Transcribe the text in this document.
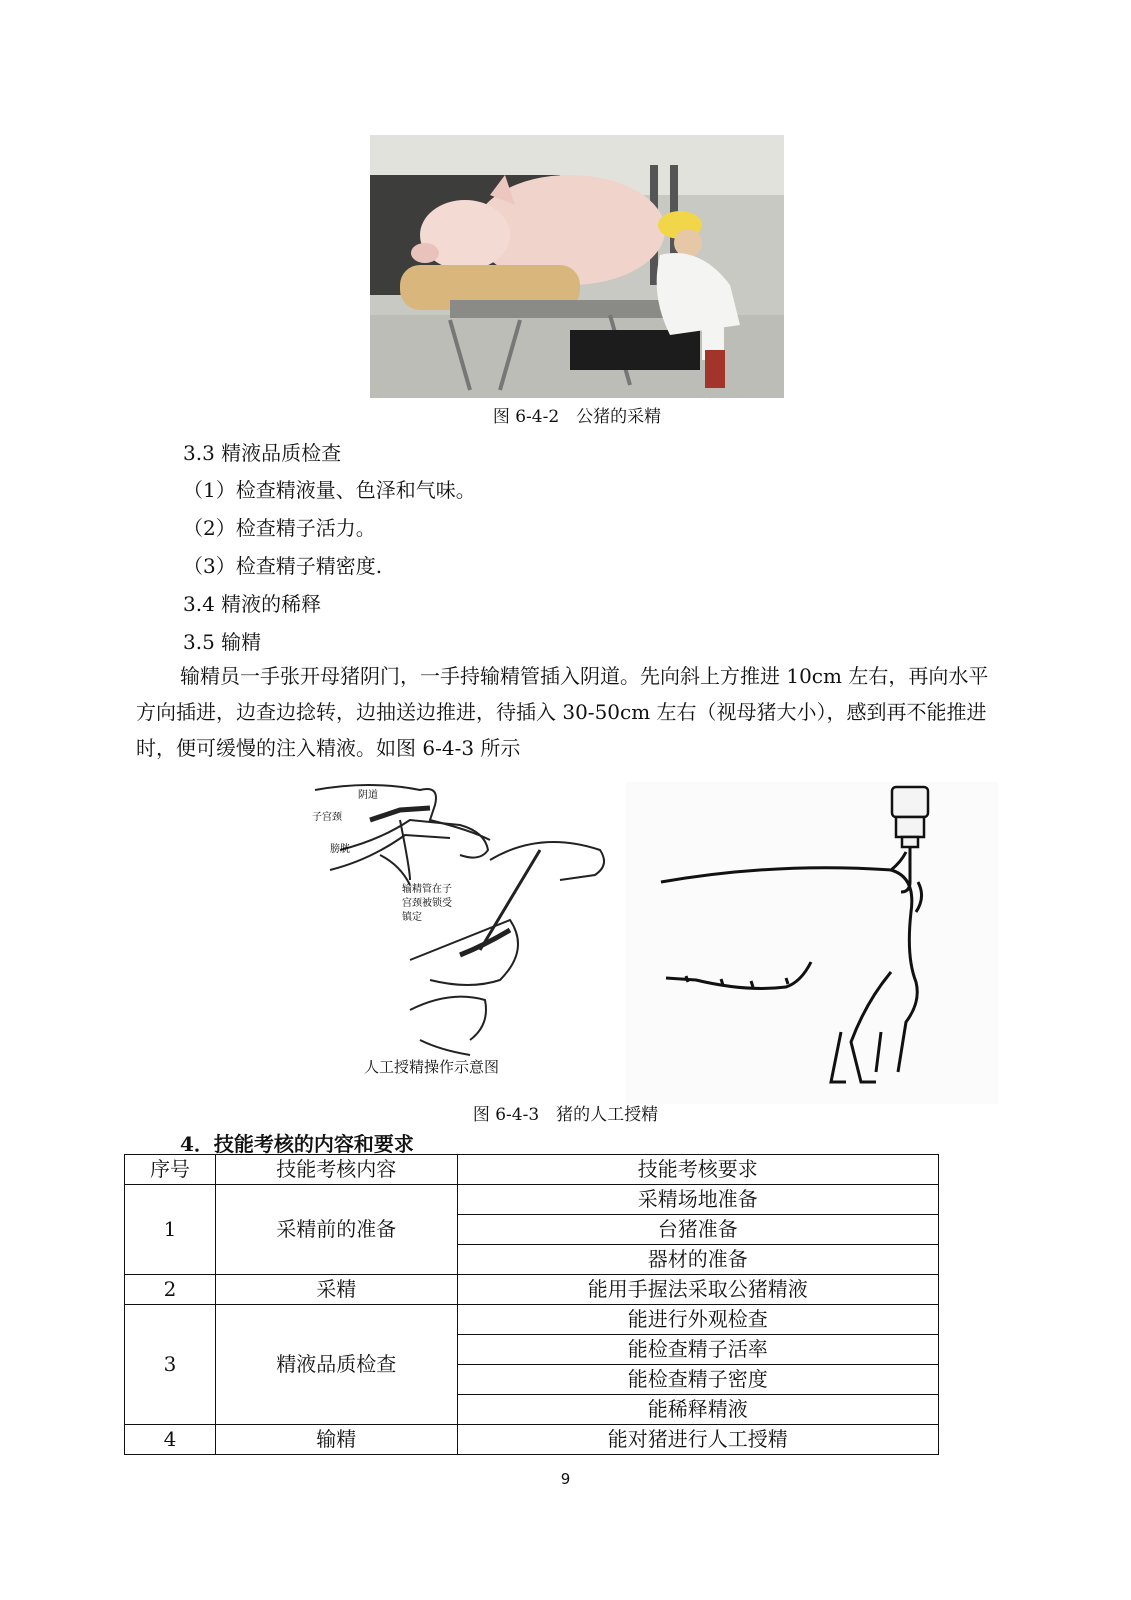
图 6-4-2　公猪的采精
3.3 精液品质检查
（1）检查精液量、色泽和气味。
（2）检查精子活力。
（3）检查精子精密度.
3.4 精液的稀释
3.5 输精
输精员一手张开母猪阴门，一手持输精管插入阴道。先向斜上方推进 10cm 左右，再向水平方向插进，边查边捻转，边抽送边推进，待插入 30-50cm 左右（视母猪大小），感到再不能推进时，便可缓慢的注入精液。如图 6-4-3 所示
阴道
子宫颈
膀胱
输精管在子
宫颈被锁受
镇定
人工授精操作示意图
图 6-4-3　猪的人工授精
4．技能考核的内容和要求
序号	技能考核内容	技能考核要求
1	采精前的准备	采精场地准备
		台猪准备
		器材的准备
2	采精	能用手握法采取公猪精液
3	精液品质检查	能进行外观检查
		能检查精子活率
		能检查精子密度
		能稀释精液
4	输精	能对猪进行人工授精
9
